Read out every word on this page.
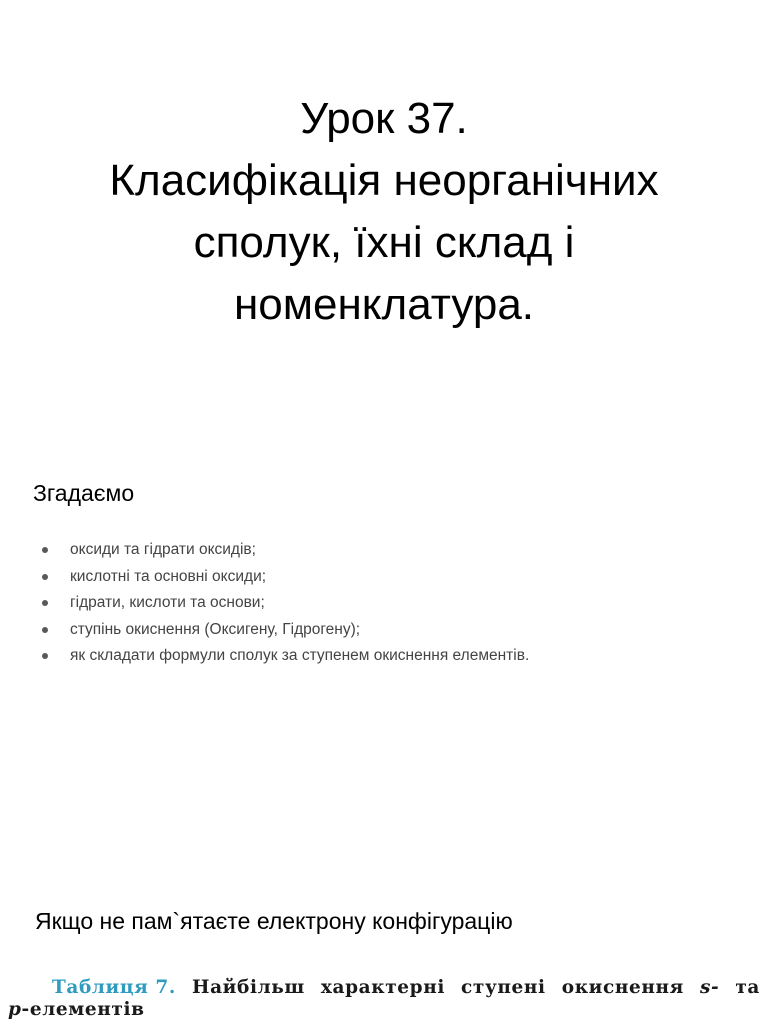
Урок 37.
Класифікація неорганічних
сполук, їхні склад і
номенклатура.
Згадаємо
оксиди та гідрати оксидів;
кислотні та основні оксиди;
гідрати, кислоти та основи;
ступінь окиснення (Оксигену, Гідрогену);
як складати формули сполук за ступенем окиснення елементів.

Якщо не пам`ятаєте електрону конфігурацію

Таблиця 7. Найбільш характерні ступені окиснення s- та
p-елементів
